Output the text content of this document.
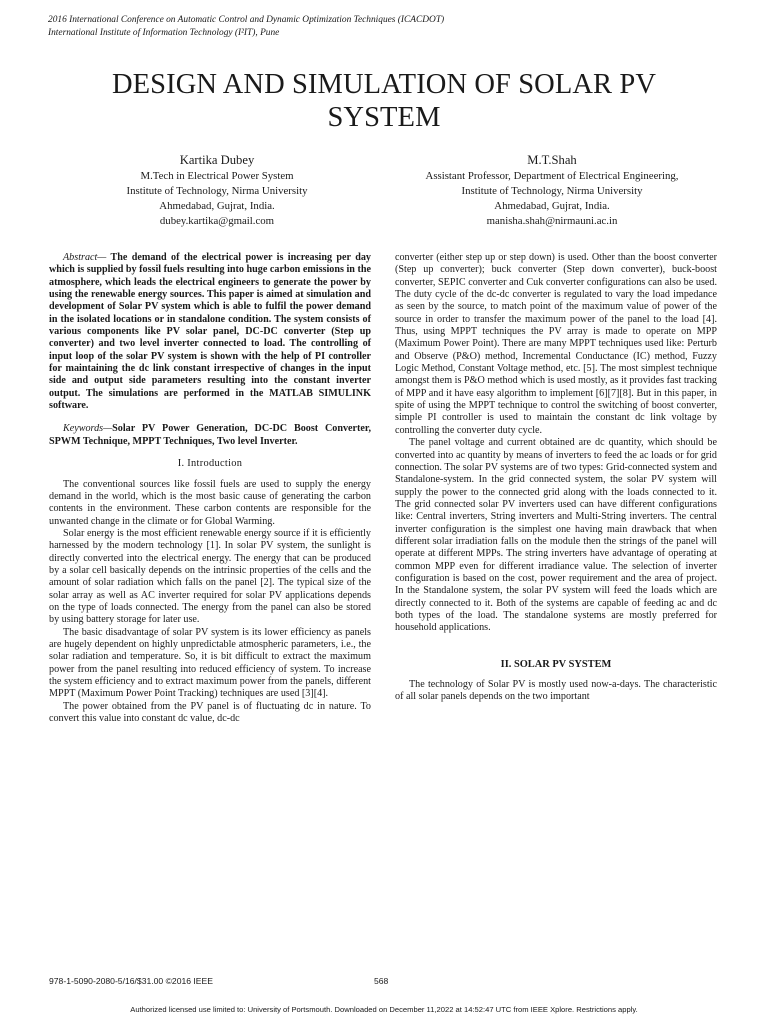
2016 International Conference on Automatic Control and Dynamic Optimization Techniques (ICACDOT)
International Institute of Information Technology (I²IT), Pune
DESIGN AND SIMULATION OF SOLAR PV
SYSTEM
Kartika Dubey
M.Tech in Electrical Power System
Institute of Technology, Nirma University
Ahmedabad, Gujrat, India.
dubey.kartika@gmail.com
M.T.Shah
Assistant Professor, Department of Electrical Engineering,
Institute of Technology, Nirma University
Ahmedabad, Gujrat, India.
manisha.shah@nirmauni.ac.in

Abstract— The demand of the electrical power is increasing per day which is supplied by fossil fuels resulting into huge carbon emissions in the atmosphere, which leads the electrical engineers to generate the power by using the renewable energy sources. This paper is aimed at simulation and development of Solar PV system which is able to fulfil the power demand in the isolated locations or in standalone condition. The system consists of various components like PV solar panel, DC-DC converter (Step up converter) and two level inverter connected to load. The controlling of input loop of the solar PV system is shown with the help of PI controller for maintaining the dc link constant irrespective of changes in the input side and output side parameters resulting into the constant inverter output. The simulations are performed in the MATLAB SIMULINK software.

Keywords—Solar PV Power Generation, DC-DC Boost Converter, SPWM Technique, MPPT Techniques, Two level Inverter.

I. Introduction

The conventional sources like fossil fuels are used to supply the energy demand in the world, which is the most basic cause of generating the carbon contents in the environment. These carbon contents are responsible for the unwanted change in the climate or for Global Warming.

Solar energy is the most efficient renewable energy source if it is efficiently harnessed by the modern technology [1]. In solar PV system, the sunlight is directly converted into the electrical energy. The energy that can be produced by a solar cell basically depends on the intrinsic properties of the cells and the amount of solar radiation which falls on the panel [2]. The typical size of the solar array as well as AC inverter required for solar PV applications depends on the type of loads connected. The energy from the panel can also be stored by using battery storage for later use.

The basic disadvantage of solar PV system is its lower efficiency as panels are hugely dependent on highly unpredictable atmospheric parameters, i.e., the solar radiation and temperature. So, it is bit difficult to extract the maximum power from the panel resulting into reduced efficiency of system. To increase the system efficiency and to extract maximum power from the panels, different MPPT (Maximum Power Point Tracking) techniques are used [3][4].

The power obtained from the PV panel is of fluctuating dc in nature. To convert this value into constant dc value, dc-dc

converter (either step up or step down) is used. Other than the boost converter (Step up converter); buck converter (Step down converter), buck-boost converter, SEPIC converter and Cuk converter configurations can also be used. The duty cycle of the dc-dc converter is regulated to vary the load impedance as seen by the source, to match point of the maximum value of power of the source in order to transfer the maximum power of the panel to the load [4]. Thus, using MPPT techniques the PV array is made to operate on MPP (Maximum Power Point). There are many MPPT techniques used like: Perturb and Observe (P&O) method, Incremental Conductance (IC) method, Fuzzy Logic Method, Constant Voltage method, etc. [5]. The most simplest technique amongst them is P&O method which is used mostly, as it provides fast tracking of MPP and it have easy algorithm to implement [6][7][8]. But in this paper, in spite of using the MPPT technique to control the switching of boost converter, simple PI controller is used to maintain the constant dc link voltage by controlling the converter duty cycle.

The panel voltage and current obtained are dc quantity, which should be converted into ac quantity by means of inverters to feed the ac loads or for grid connection. The solar PV systems are of two types: Grid-connected system and Standalone-system. In the grid connected system, the solar PV system will supply the power to the connected grid along with the loads connected to it. The grid connected solar PV inverters used can have different configurations like: Central inverters, String inverters and Multi-String inverters. The central inverter configuration is the simplest one having main drawback that when different solar irradiation falls on the module then the strings of the panel will operate at different MPPs. The string inverters have advantage of operating at common MPP even for different irradiance value. The selection of inverter configuration is based on the cost, power requirement and the area of project. In the Standalone system, the solar PV system will feed the loads which are directly connected to it. Both of the systems are capable of feeding ac and dc both types of the load. The standalone systems are mostly preferred for household applications.

II. SOLAR PV SYSTEM

The technology of Solar PV is mostly used now-a-days. The characteristic of all solar panels depends on the two important

978-1-5090-2080-5/16/$31.00 ©2016 IEEE	568
Authorized licensed use limited to: University of Portsmouth. Downloaded on December 11,2022 at 14:52:47 UTC from IEEE Xplore. Restrictions apply.
